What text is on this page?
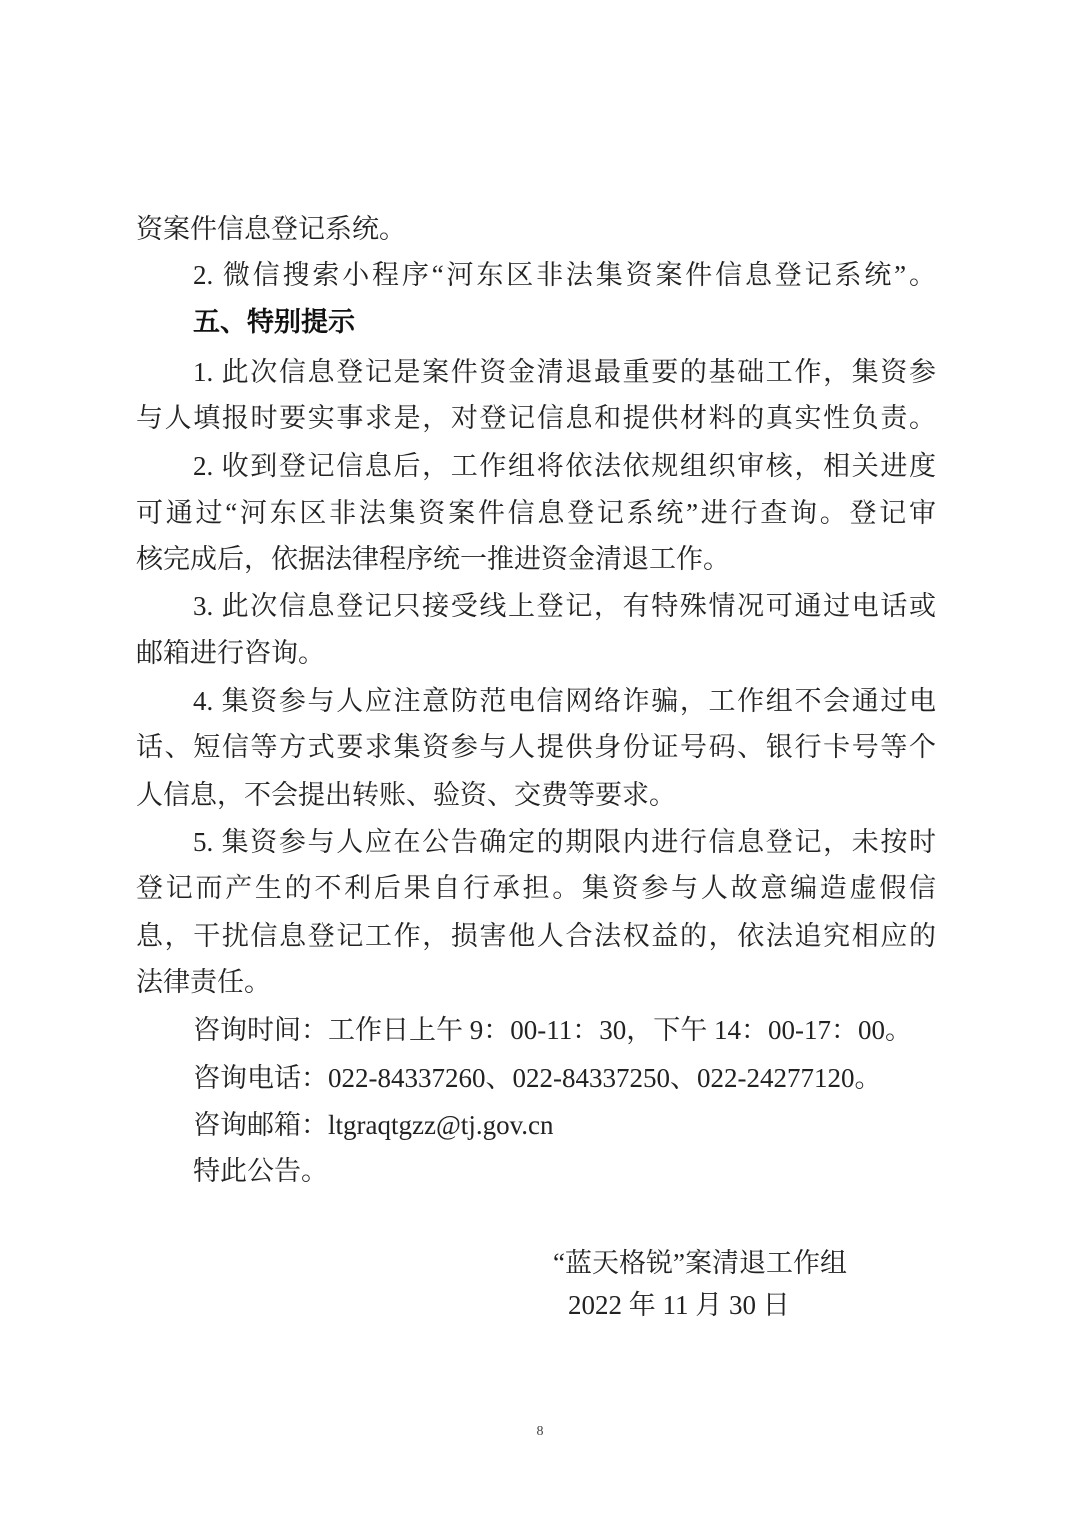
资案件信息登记系统。
2. 微信搜索小程序“河东区非法集资案件信息登记系统”。
五、特别提示
1. 此次信息登记是案件资金清退最重要的基础工作，集资参
与人填报时要实事求是，对登记信息和提供材料的真实性负责。
2. 收到登记信息后，工作组将依法依规组织审核，相关进度
可通过“河东区非法集资案件信息登记系统”进行查询。登记审
核完成后，依据法律程序统一推进资金清退工作。
3. 此次信息登记只接受线上登记，有特殊情况可通过电话或
邮箱进行咨询。
4. 集资参与人应注意防范电信网络诈骗，工作组不会通过电
话、短信等方式要求集资参与人提供身份证号码、银行卡号等个
人信息，不会提出转账、验资、交费等要求。
5. 集资参与人应在公告确定的期限内进行信息登记，未按时
登记而产生的不利后果自行承担。集资参与人故意编造虚假信
息，干扰信息登记工作，损害他人合法权益的，依法追究相应的
法律责任。
咨询时间：工作日上午 9：00-11：30，下午 14：00-17：00。
咨询电话：022-84337260、022-84337250、022-24277120。
咨询邮箱：ltgraqtgzz@tj.gov.cn
特此公告。
“蓝天格锐”案清退工作组
2022 年 11 月 30 日
8
